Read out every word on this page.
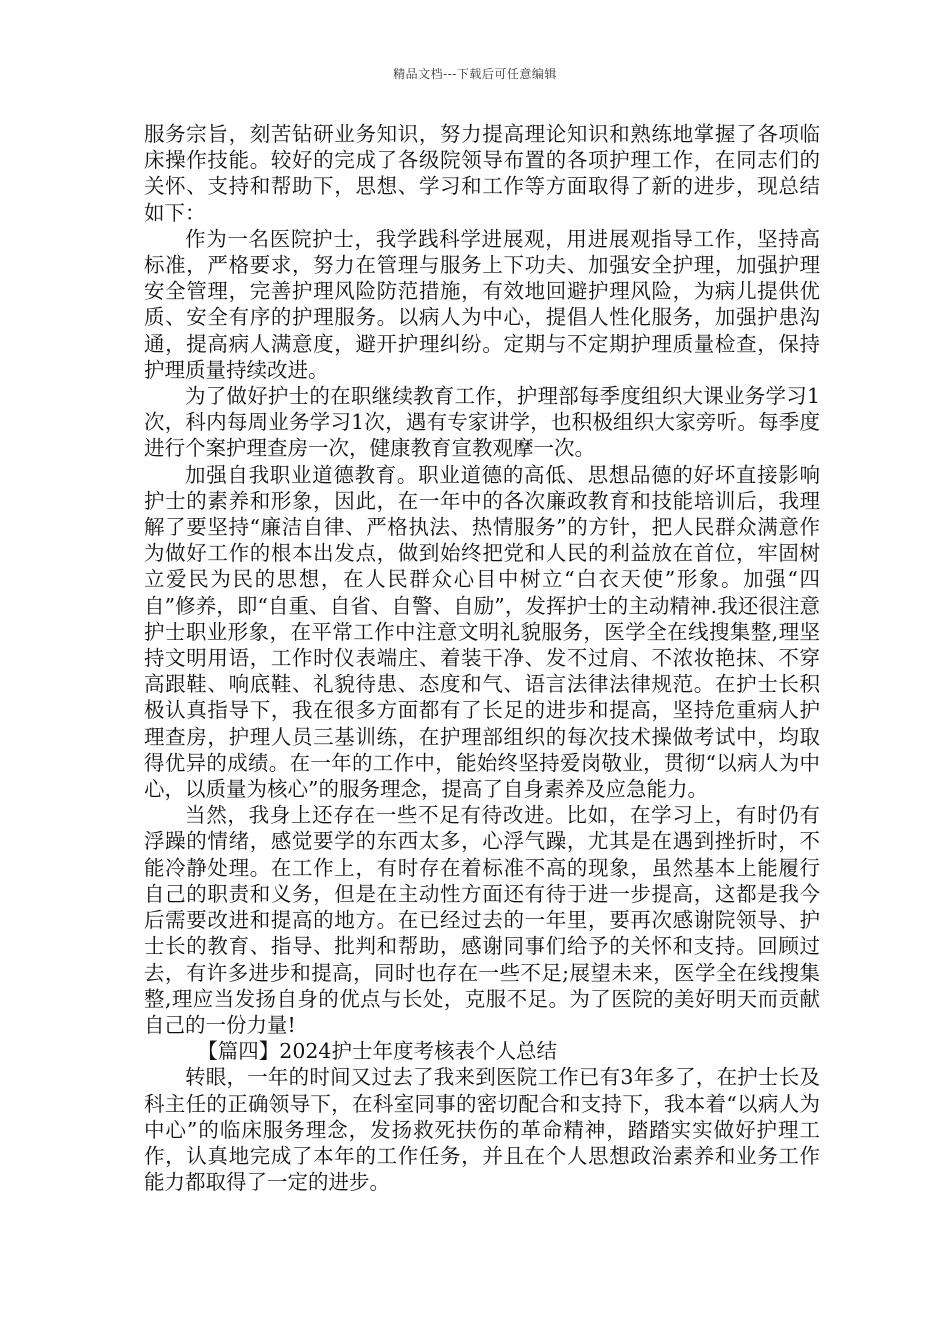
精品文档---下载后可任意编辑

服务宗旨，刻苦钻研业务知识，努力提高理论知识和熟练地掌握了各项临床操作技能。较好的完成了各级院领导布置的各项护理工作，在同志们的关怀、支持和帮助下，思想、学习和工作等方面取得了新的进步，现总结如下：

作为一名医院护士，我学践科学进展观，用进展观指导工作，坚持高标准，严格要求，努力在管理与服务上下功夫、加强安全护理，加强护理安全管理，完善护理风险防范措施，有效地回避护理风险，为病儿提供优质、安全有序的护理服务。以病人为中心，提倡人性化服务，加强护患沟通，提高病人满意度，避开护理纠纷。定期与不定期护理质量检查，保持护理质量持续改进。

为了做好护士的在职继续教育工作，护理部每季度组织大课业务学习1次，科内每周业务学习1次，遇有专家讲学，也积极组织大家旁听。每季度进行个案护理查房一次，健康教育宣教观摩一次。

加强自我职业道德教育。职业道德的高低、思想品德的好坏直接影响护士的素养和形象，因此，在一年中的各次廉政教育和技能培训后，我理解了要坚持“廉洁自律、严格执法、热情服务”的方针，把人民群众满意作为做好工作的根本出发点，做到始终把党和人民的利益放在首位，牢固树立爱民为民的思想，在人民群众心目中树立“白衣天使”形象。加强“四自”修养，即“自重、自省、自警、自励”，发挥护士的主动精神.我还很注意护士职业形象，在平常工作中注意文明礼貌服务，医学全在线搜集整,理坚持文明用语，工作时仪表端庄、着装干净、发不过肩、不浓妆艳抹、不穿高跟鞋、响底鞋、礼貌待患、态度和气、语言法律法律规范。在护士长积极认真指导下，我在很多方面都有了长足的进步和提高，坚持危重病人护理查房，护理人员三基训练，在护理部组织的每次技术操做考试中，均取得优异的成绩。在一年的工作中，能始终坚持爱岗敬业，贯彻“以病人为中心，以质量为核心”的服务理念，提高了自身素养及应急能力。

当然，我身上还存在一些不足有待改进。比如，在学习上，有时仍有浮躁的情绪，感觉要学的东西太多，心浮气躁，尤其是在遇到挫折时，不能冷静处理。在工作上，有时存在着标准不高的现象，虽然基本上能履行自己的职责和义务，但是在主动性方面还有待于进一步提高，这都是我今后需要改进和提高的地方。在已经过去的一年里，要再次感谢院领导、护士长的教育、指导、批判和帮助，感谢同事们给予的关怀和支持。回顾过去，有许多进步和提高，同时也存在一些不足;展望未来，医学全在线搜集整,理应当发扬自身的优点与长处，克服不足。为了医院的美好明天而贡献自己的一份力量!

【篇四】2024护士年度考核表个人总结

转眼，一年的时间又过去了我来到医院工作已有3年多了，在护士长及科主任的正确领导下，在科室同事的密切配合和支持下，我本着“以病人为中心”的临床服务理念，发扬救死扶伤的革命精神，踏踏实实做好护理工作，认真地完成了本年的工作任务，并且在个人思想政治素养和业务工作能力都取得了一定的进步。
